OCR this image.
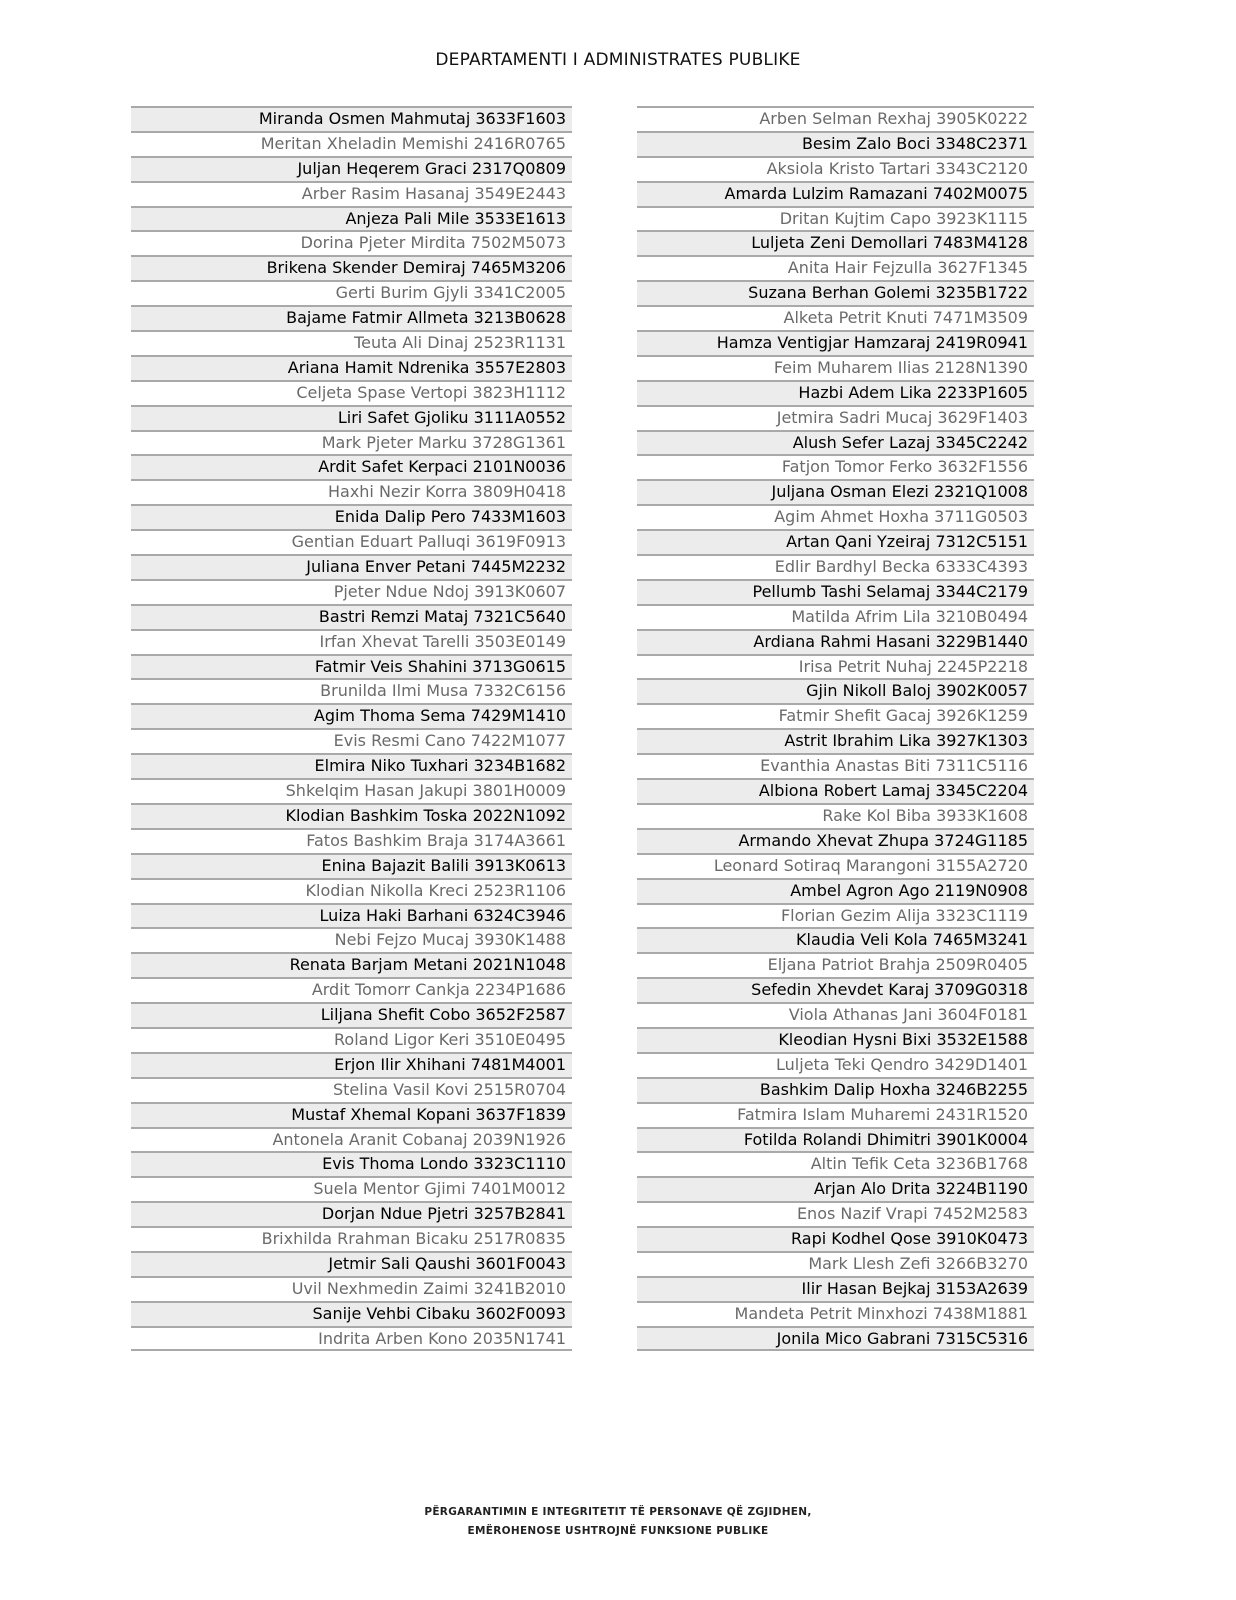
DEPARTAMENTI I ADMINISTRATES PUBLIKE
Miranda Osmen Mahmutaj 3633F1603
Meritan Xheladin Memishi 2416R0765
Juljan Heqerem Graci 2317Q0809
Arber Rasim Hasanaj 3549E2443
Anjeza Pali Mile 3533E1613
Dorina Pjeter Mirdita 7502M5073
Brikena Skender Demiraj 7465M3206
Gerti Burim Gjyli 3341C2005
Bajame Fatmir Allmeta 3213B0628
Teuta Ali Dinaj 2523R1131
Ariana Hamit Ndrenika 3557E2803
Celjeta Spase Vertopi 3823H1112
Liri Safet Gjoliku 3111A0552
Mark Pjeter Marku 3728G1361
Ardit Safet Kerpaci 2101N0036
Haxhi Nezir Korra 3809H0418
Enida Dalip Pero 7433M1603
Gentian Eduart Palluqi 3619F0913
Juliana Enver Petani 7445M2232
Pjeter Ndue Ndoj 3913K0607
Bastri Remzi Mataj 7321C5640
Irfan Xhevat Tarelli 3503E0149
Fatmir Veis Shahini 3713G0615
Brunilda Ilmi Musa 7332C6156
Agim Thoma Sema 7429M1410
Evis Resmi Cano 7422M1077
Elmira Niko Tuxhari 3234B1682
Shkelqim Hasan Jakupi 3801H0009
Klodian Bashkim Toska 2022N1092
Fatos Bashkim Braja 3174A3661
Enina Bajazit Balili 3913K0613
Klodian Nikolla Kreci 2523R1106
Luiza Haki Barhani 6324C3946
Nebi Fejzo Mucaj 3930K1488
Renata Barjam Metani 2021N1048
Ardit Tomorr Cankja 2234P1686
Liljana Shefit Cobo 3652F2587
Roland Ligor Keri 3510E0495
Erjon Ilir Xhihani 7481M4001
Stelina Vasil Kovi 2515R0704
Mustaf Xhemal Kopani 3637F1839
Antonela Aranit Cobanaj 2039N1926
Evis Thoma Londo 3323C1110
Suela Mentor Gjimi 7401M0012
Dorjan Ndue Pjetri 3257B2841
Brixhilda Rrahman Bicaku 2517R0835
Jetmir Sali Qaushi 3601F0043
Uvil Nexhmedin Zaimi 3241B2010
Sanije Vehbi Cibaku 3602F0093
Indrita Arben Kono 2035N1741
Arben Selman Rexhaj 3905K0222
Besim Zalo Boci 3348C2371
Aksiola Kristo Tartari 3343C2120
Amarda Lulzim Ramazani 7402M0075
Dritan Kujtim Capo 3923K1115
Luljeta Zeni Demollari 7483M4128
Anita Hair Fejzulla 3627F1345
Suzana Berhan Golemi 3235B1722
Alketa Petrit Knuti 7471M3509
Hamza Ventigjar Hamzaraj 2419R0941
Feim Muharem Ilias 2128N1390
Hazbi Adem Lika 2233P1605
Jetmira Sadri Mucaj 3629F1403
Alush Sefer Lazaj 3345C2242
Fatjon Tomor Ferko 3632F1556
Juljana Osman Elezi 2321Q1008
Agim Ahmet Hoxha 3711G0503
Artan Qani Yzeiraj 7312C5151
Edlir Bardhyl Becka 6333C4393
Pellumb Tashi Selamaj 3344C2179
Matilda Afrim Lila 3210B0494
Ardiana Rahmi Hasani 3229B1440
Irisa Petrit Nuhaj 2245P2218
Gjin Nikoll Baloj 3902K0057
Fatmir Shefit Gacaj 3926K1259
Astrit Ibrahim Lika 3927K1303
Evanthia Anastas Biti 7311C5116
Albiona Robert Lamaj 3345C2204
Rake Kol Biba 3933K1608
Armando Xhevat Zhupa 3724G1185
Leonard Sotiraq Marangoni 3155A2720
Ambel Agron Ago 2119N0908
Florian Gezim Alija 3323C1119
Klaudia Veli Kola 7465M3241
Eljana Patriot Brahja 2509R0405
Sefedin Xhevdet Karaj 3709G0318
Viola Athanas Jani 3604F0181
Kleodian Hysni Bixi 3532E1588
Luljeta Teki Qendro 3429D1401
Bashkim Dalip Hoxha 3246B2255
Fatmira Islam Muharemi 2431R1520
Fotilda Rolandi Dhimitri 3901K0004
Altin Tefik Ceta 3236B1768
Arjan Alo Drita 3224B1190
Enos Nazif Vrapi 7452M2583
Rapi Kodhel Qose 3910K0473
Mark Llesh Zefi 3266B3270
Ilir Hasan Bejkaj 3153A2639
Mandeta Petrit Minxhozi 7438M1881
Jonila Mico Gabrani 7315C5316
PËRGARANTIMIN E INTEGRITETIT TË PERSONAVE QË ZGJIDHEN,
EMËROHENOSE USHTROJNË FUNKSIONE PUBLIKE
